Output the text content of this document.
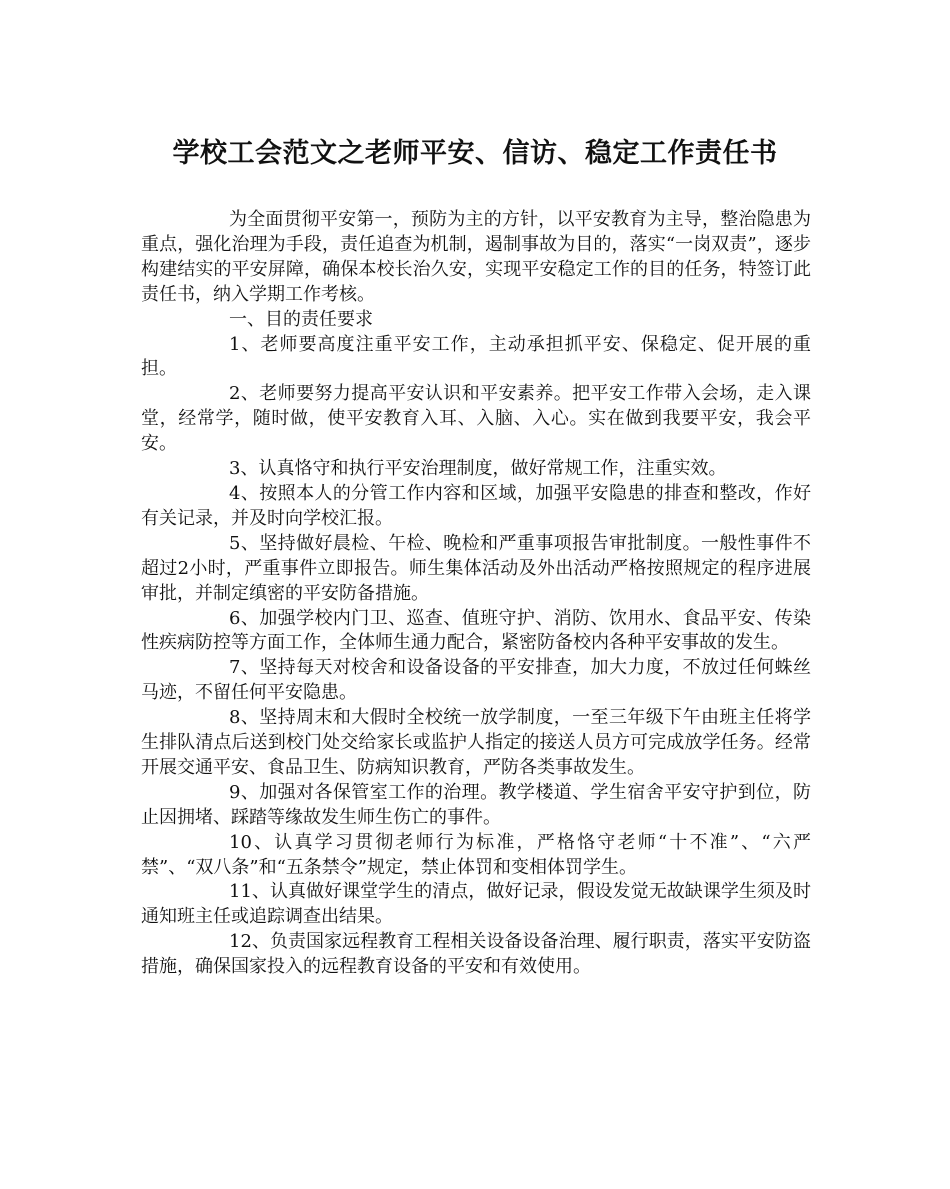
学校工会范文之老师平安、信访、稳定工作责任书

为全面贯彻平安第一，预防为主的方针，以平安教育为主导，整治隐患为重点，强化治理为手段，责任追查为机制，遏制事故为目的，落实“一岗双责”，逐步构建结实的平安屏障，确保本校长治久安，实现平安稳定工作的目的任务，特签订此责任书，纳入学期工作考核。

一、目的责任要求

1、老师要高度注重平安工作，主动承担抓平安、保稳定、促开展的重担。

2、老师要努力提高平安认识和平安素养。把平安工作带入会场，走入课堂，经常学，随时做，使平安教育入耳、入脑、入心。实在做到我要平安，我会平安。

3、认真恪守和执行平安治理制度，做好常规工作，注重实效。

4、按照本人的分管工作内容和区域，加强平安隐患的排查和整改，作好有关记录，并及时向学校汇报。

5、坚持做好晨检、午检、晚检和严重事项报告审批制度。一般性事件不超过2小时，严重事件立即报告。师生集体活动及外出活动严格按照规定的程序进展审批，并制定缜密的平安防备措施。

6、加强学校内门卫、巡查、值班守护、消防、饮用水、食品平安、传染性疾病防控等方面工作，全体师生通力配合，紧密防备校内各种平安事故的发生。

7、坚持每天对校舍和设备设备的平安排查，加大力度，不放过任何蛛丝马迹，不留任何平安隐患。

8、坚持周末和大假时全校统一放学制度，一至三年级下午由班主任将学生排队清点后送到校门处交给家长或监护人指定的接送人员方可完成放学任务。经常开展交通平安、食品卫生、防病知识教育，严防各类事故发生。

9、加强对各保管室工作的治理。教学楼道、学生宿舍平安守护到位，防止因拥堵、踩踏等缘故发生师生伤亡的事件。

10、认真学习贯彻老师行为标准，严格恪守老师“十不准”、“六严禁”、“双八条”和“五条禁令”规定，禁止体罚和变相体罚学生。

11、认真做好课堂学生的清点，做好记录，假设发觉无故缺课学生须及时通知班主任或追踪调查出结果。

12、负责国家远程教育工程相关设备设备治理、履行职责，落实平安防盗措施，确保国家投入的远程教育设备的平安和有效使用。
